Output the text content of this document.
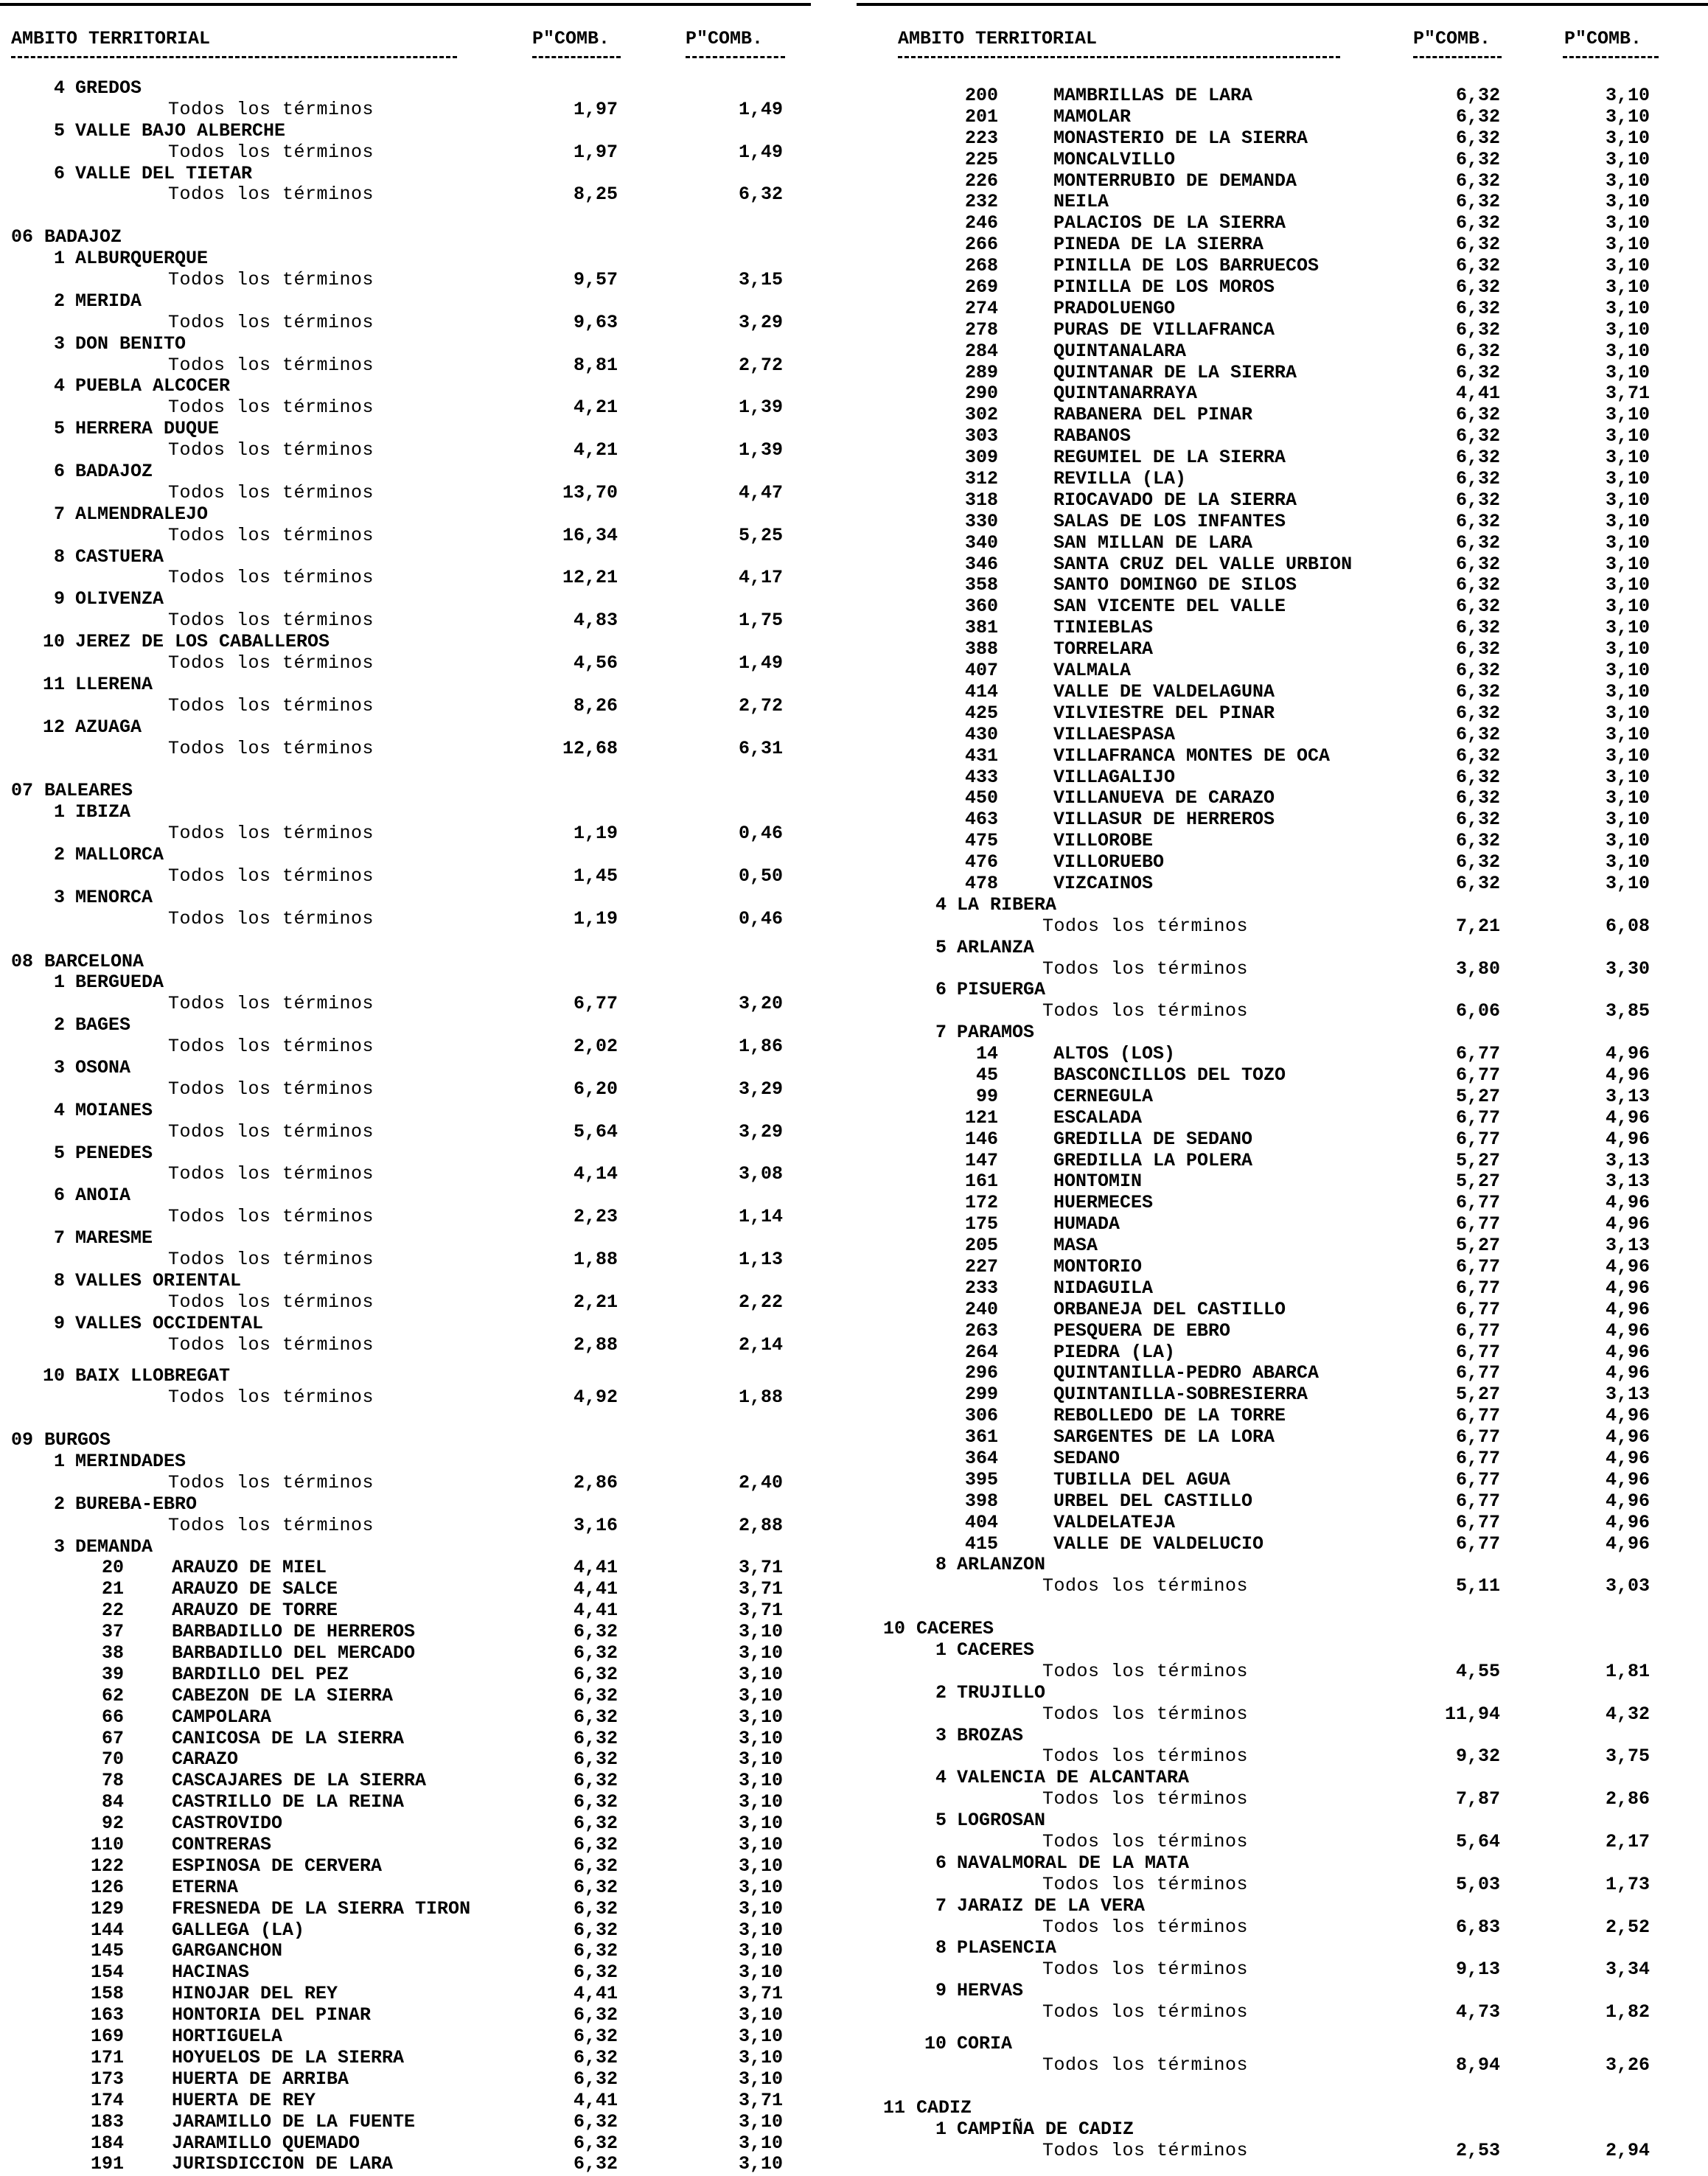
AMBITO TERRITORIAL	P"COMB.	P"COMB.
4 GREDOS
Todos los términos	1,97	1,49
5 VALLE BAJO ALBERCHE
Todos los términos	1,97	1,49
6 VALLE DEL TIETAR
Todos los términos	8,25	6,32
06 BADAJOZ
1 ALBURQUERQUE
Todos los términos	9,57	3,15
2 MERIDA
Todos los términos	9,63	3,29
3 DON BENITO
Todos los términos	8,81	2,72
4 PUEBLA ALCOCER
Todos los términos	4,21	1,39
5 HERRERA DUQUE
Todos los términos	4,21	1,39
6 BADAJOZ
Todos los términos	13,70	4,47
7 ALMENDRALEJO
Todos los términos	16,34	5,25
8 CASTUERA
Todos los términos	12,21	4,17
9 OLIVENZA
Todos los términos	4,83	1,75
10 JEREZ DE LOS CABALLEROS
Todos los términos	4,56	1,49
11 LLERENA
Todos los términos	8,26	2,72
12 AZUAGA
Todos los términos	12,68	6,31
07 BALEARES
1 IBIZA
Todos los términos	1,19	0,46
2 MALLORCA
Todos los términos	1,45	0,50
3 MENORCA
Todos los términos	1,19	0,46
08 BARCELONA
1 BERGUEDA
Todos los términos	6,77	3,20
2 BAGES
Todos los términos	2,02	1,86
3 OSONA
Todos los términos	6,20	3,29
4 MOIANES
Todos los términos	5,64	3,29
5 PENEDES
Todos los términos	4,14	3,08
6 ANOIA
Todos los términos	2,23	1,14
7 MARESME
Todos los términos	1,88	1,13
8 VALLES ORIENTAL
Todos los términos	2,21	2,22
9 VALLES OCCIDENTAL
Todos los términos	2,88	2,14
10 BAIX LLOBREGAT
Todos los términos	4,92	1,88
09 BURGOS
1 MERINDADES
Todos los términos	2,86	2,40
2 BUREBA-EBRO
Todos los términos	3,16	2,88
3 DEMANDA
20	ARAUZO DE MIEL	4,41	3,71
21	ARAUZO DE SALCE	4,41	3,71
22	ARAUZO DE TORRE	4,41	3,71
37	BARBADILLO DE HERREROS	6,32	3,10
38	BARBADILLO DEL MERCADO	6,32	3,10
39	BARDILLO DEL PEZ	6,32	3,10
62	CABEZON DE LA SIERRA	6,32	3,10
66	CAMPOLARA	6,32	3,10
67	CANICOSA DE LA SIERRA	6,32	3,10
70	CARAZO	6,32	3,10
78	CASCAJARES DE LA SIERRA	6,32	3,10
84	CASTRILLO DE LA REINA	6,32	3,10
92	CASTROVIDO	6,32	3,10
110	CONTRERAS	6,32	3,10
122	ESPINOSA DE CERVERA	6,32	3,10
126	ETERNA	6,32	3,10
129	FRESNEDA DE LA SIERRA TIRON	6,32	3,10
144	GALLEGA (LA)	6,32	3,10
145	GARGANCHON	6,32	3,10
154	HACINAS	6,32	3,10
158	HINOJAR DEL REY	4,41	3,71
163	HONTORIA DEL PINAR	6,32	3,10
169	HORTIGUELA	6,32	3,10
171	HOYUELOS DE LA SIERRA	6,32	3,10
173	HUERTA DE ARRIBA	6,32	3,10
174	HUERTA DE REY	4,41	3,71
183	JARAMILLO DE LA FUENTE	6,32	3,10
184	JARAMILLO QUEMADO	6,32	3,10
191	JURISDICCION DE LARA	6,32	3,10
AMBITO TERRITORIAL	P"COMB.	P"COMB.
200	MAMBRILLAS DE LARA	6,32	3,10
201	MAMOLAR	6,32	3,10
223	MONASTERIO DE LA SIERRA	6,32	3,10
225	MONCALVILLO	6,32	3,10
226	MONTERRUBIO DE DEMANDA	6,32	3,10
232	NEILA	6,32	3,10
246	PALACIOS DE LA SIERRA	6,32	3,10
266	PINEDA DE LA SIERRA	6,32	3,10
268	PINILLA DE LOS BARRUECOS	6,32	3,10
269	PINILLA DE LOS MOROS	6,32	3,10
274	PRADOLUENGO	6,32	3,10
278	PURAS DE VILLAFRANCA	6,32	3,10
284	QUINTANALARA	6,32	3,10
289	QUINTANAR DE LA SIERRA	6,32	3,10
290	QUINTANARRAYA	4,41	3,71
302	RABANERA DEL PINAR	6,32	3,10
303	RABANOS	6,32	3,10
309	REGUMIEL DE LA SIERRA	6,32	3,10
312	REVILLA (LA)	6,32	3,10
318	RIOCAVADO DE LA SIERRA	6,32	3,10
330	SALAS DE LOS INFANTES	6,32	3,10
340	SAN MILLAN DE LARA	6,32	3,10
346	SANTA CRUZ DEL VALLE URBION	6,32	3,10
358	SANTO DOMINGO DE SILOS	6,32	3,10
360	SAN VICENTE DEL VALLE	6,32	3,10
381	TINIEBLAS	6,32	3,10
388	TORRELARA	6,32	3,10
407	VALMALA	6,32	3,10
414	VALLE DE VALDELAGUNA	6,32	3,10
425	VILVIESTRE DEL PINAR	6,32	3,10
430	VILLAESPASA	6,32	3,10
431	VILLAFRANCA MONTES DE OCA	6,32	3,10
433	VILLAGALIJO	6,32	3,10
450	VILLANUEVA DE CARAZO	6,32	3,10
463	VILLASUR DE HERREROS	6,32	3,10
475	VILLOROBE	6,32	3,10
476	VILLORUEBO	6,32	3,10
478	VIZCAINOS	6,32	3,10
4 LA RIBERA
Todos los términos	7,21	6,08
5 ARLANZA
Todos los términos	3,80	3,30
6 PISUERGA
Todos los términos	6,06	3,85
7 PARAMOS
14	ALTOS (LOS)	6,77	4,96
45	BASCONCILLOS DEL TOZO	6,77	4,96
99	CERNEGULA	5,27	3,13
121	ESCALADA	6,77	4,96
146	GREDILLA DE SEDANO	6,77	4,96
147	GREDILLA LA POLERA	5,27	3,13
161	HONTOMIN	5,27	3,13
172	HUERMECES	6,77	4,96
175	HUMADA	6,77	4,96
205	MASA	5,27	3,13
227	MONTORIO	6,77	4,96
233	NIDAGUILA	6,77	4,96
240	ORBANEJA DEL CASTILLO	6,77	4,96
263	PESQUERA DE EBRO	6,77	4,96
264	PIEDRA (LA)	6,77	4,96
296	QUINTANILLA-PEDRO ABARCA	6,77	4,96
299	QUINTANILLA-SOBRESIERRA	5,27	3,13
306	REBOLLEDO DE LA TORRE	6,77	4,96
361	SARGENTES DE LA LORA	6,77	4,96
364	SEDANO	6,77	4,96
395	TUBILLA DEL AGUA	6,77	4,96
398	URBEL DEL CASTILLO	6,77	4,96
404	VALDELATEJA	6,77	4,96
415	VALLE DE VALDELUCIO	6,77	4,96
8 ARLANZON
Todos los términos	5,11	3,03
10 CACERES
1 CACERES
Todos los términos	4,55	1,81
2 TRUJILLO
Todos los términos	11,94	4,32
3 BROZAS
Todos los términos	9,32	3,75
4 VALENCIA DE ALCANTARA
Todos los términos	7,87	2,86
5 LOGROSAN
Todos los términos	5,64	2,17
6 NAVALMORAL DE LA MATA
Todos los términos	5,03	1,73
7 JARAIZ DE LA VERA
Todos los términos	6,83	2,52
8 PLASENCIA
Todos los términos	9,13	3,34
9 HERVAS
Todos los términos	4,73	1,82
10 CORIA
Todos los términos	8,94	3,26
11 CADIZ
1 CAMPIÑA DE CADIZ
Todos los términos	2,53	2,94
